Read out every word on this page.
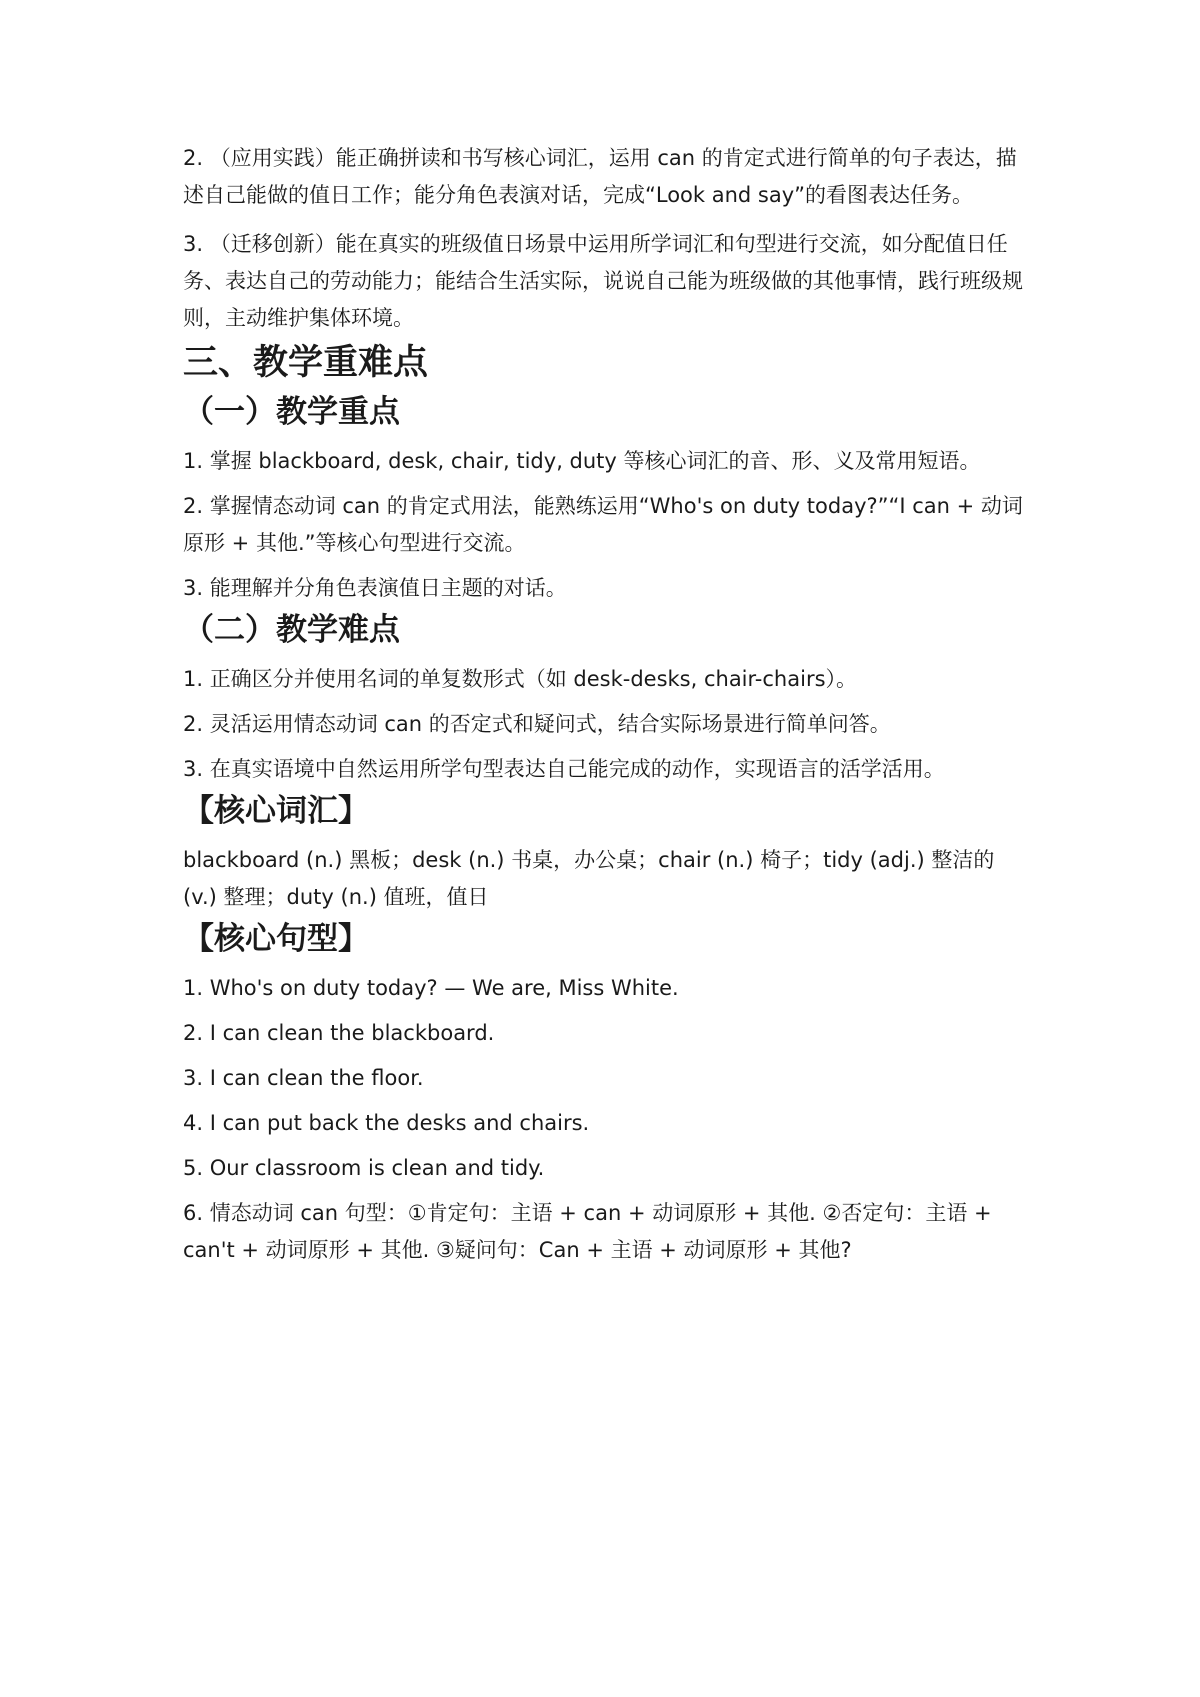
2. （应用实践）能正确拼读和书写核心词汇，运用 can 的肯定式进行简单的句子表达，描述自己能做的值日工作；能分角色表演对话，完成“Look and say”的看图表达任务。

3. （迁移创新）能在真实的班级值日场景中运用所学词汇和句型进行交流，如分配值日任务、表达自己的劳动能力；能结合生活实际，说说自己能为班级做的其他事情，践行班级规则，主动维护集体环境。

三、教学重难点
（一）教学重点

1. 掌握 blackboard, desk, chair, tidy, duty 等核心词汇的音、形、义及常用短语。

2. 掌握情态动词 can 的肯定式用法，能熟练运用“Who's on duty today?”“I can + 动词原形 + 其他.”等核心句型进行交流。

3. 能理解并分角色表演值日主题的对话。

（二）教学难点

1. 正确区分并使用名词的单复数形式（如 desk-desks, chair-chairs）。

2. 灵活运用情态动词 can 的否定式和疑问式，结合实际场景进行简单问答。

3. 在真实语境中自然运用所学句型表达自己能完成的动作，实现语言的活学活用。

【核心词汇】

blackboard (n.) 黑板；desk (n.) 书桌，办公桌；chair (n.) 椅子；tidy (adj.) 整洁的 (v.) 整理；duty (n.) 值班，值日

【核心句型】

1. Who's on duty today? — We are, Miss White.

2. I can clean the blackboard.

3. I can clean the floor.

4. I can put back the desks and chairs.

5. Our classroom is clean and tidy.

6. 情态动词 can 句型：①肯定句：主语 + can + 动词原形 + 其他. ②否定句：主语 + can't + 动词原形 + 其他. ③疑问句：Can + 主语 + 动词原形 + 其他?
